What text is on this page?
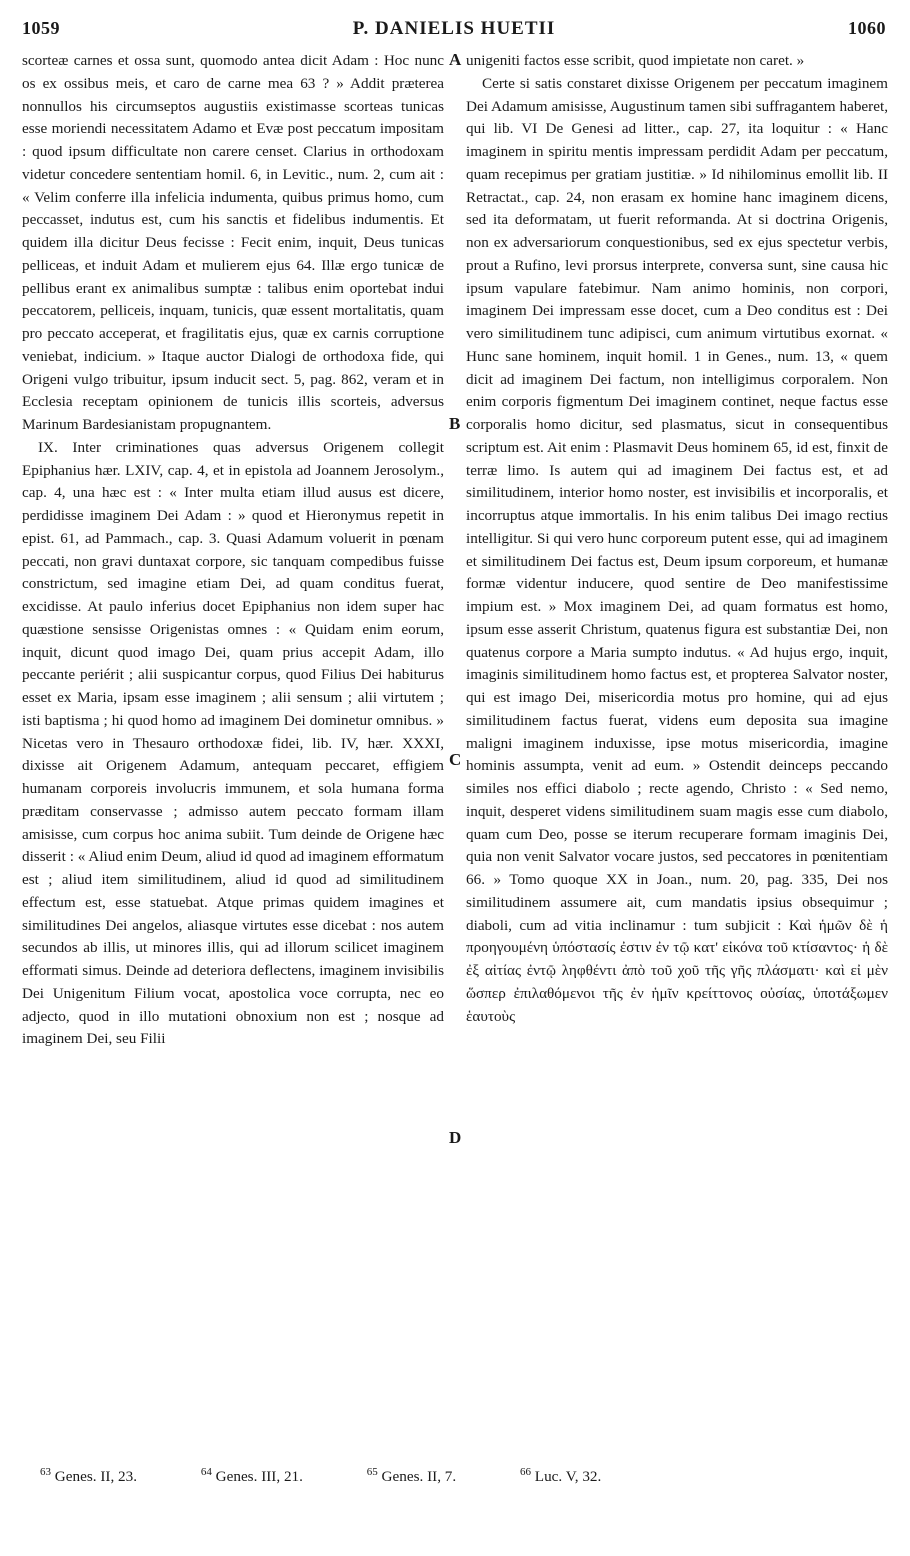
1059	P. DANIELIS HUETII	1060

scorteæ carnes et ossa sunt, quomodo antea dicit Adam : Hoc nunc os ex ossibus meis, et caro de carne mea 63 ? » Addit præterea nonnullos his circumseptos augustiis existimasse scorteas tunicas esse moriendi necessitatem Adamo et Evæ post peccatum impositam : quod ipsum difficultate non carere censet. Clarius in orthodoxam videtur concedere sententiam homil. 6, in Levitic., num. 2, cum ait : « Velim conferre illa infelicia indumenta, quibus primus homo, cum peccasset, indutus est, cum his sanctis et fidelibus indumentis. Et quidem illa dicitur Deus fecisse : Fecit enim, inquit, Deus tunicas pelliceas, et induit Adam et mulierem ejus 64. Illæ ergo tunicæ de pellibus erant ex animalibus sumptæ : talibus enim oportebat indui peccatorem, pelliceis, inquam, tunicis, quæ essent mortalitatis, quam pro peccato acceperat, et fragilitatis ejus, quæ ex carnis corruptione veniebat, indicium. » Itaque auctor Dialogi de orthodoxa fide, qui Origeni vulgo tribuitur, ipsum inducit sect. 5, pag. 862, veram et in Ecclesia receptam opinionem de tunicis illis scorteis, adversus Marinum Bardesianistam propugnantem.

IX. Inter criminationes quas adversus Origenem collegit Epiphanius hær. LXIV, cap. 4, et in epistola ad Joannem Jerosolym., cap. 4, una hæc est : « Inter multa etiam illud ausus est dicere, perdidisse imaginem Dei Adam : » quod et Hieronymus repetit in epist. 61, ad Pammach., cap. 3. Quasi Adamum voluerit in pœnam peccati, non gravi duntaxat corpore, sic tanquam compedibus fuisse constrictum, sed imagine etiam Dei, ad quam conditus fuerat, excidisse. At paulo inferius docet Epiphanius non idem super hac quæstione sensisse Origenistas omnes : « Quidam enim eorum, inquit, dicunt quod imago Dei, quam prius accepit Adam, illo peccante periérit ; alii suspicantur corpus, quod Filius Dei habiturus esset ex Maria, ipsam esse imaginem ; alii sensum ; alii virtutem ; isti baptisma ; hi quod homo ad imaginem Dei dominetur omnibus. » Nicetas vero in Thesauro orthodoxæ fidei, lib. IV, hær. XXXI, dixisse ait Origenem Adamum, antequam peccaret, effigiem humanam corporeis involucris immunem, et sola humana forma præditam conservasse ; admisso autem peccato formam illam amisisse, cum corpus hoc anima subiit. Tum deinde de Origene hæc disserit : « Aliud enim Deum, aliud id quod ad imaginem efformatum est ; aliud item similitudinem, aliud id quod ad similitudinem effectum est, esse statuebat. Atque primas quidem imagines et similitudines Dei angelos, aliasque virtutes esse dicebat : nos autem secundos ab illis, ut minores illis, qui ad illorum scilicet imaginem efformati simus. Deinde ad deteriora deflectens, imaginem invisibilis Dei Unigenitum Filium vocat, apostolica voce corrupta, nec eo adjecto, quod in illo mutationi obnoxium non est ; nosque ad imaginem Dei, seu Filii

A
B
C
D

unigeniti factos esse scribit, quod impietate non caret. »

Certe si satis constaret dixisse Origenem per peccatum imaginem Dei Adamum amisisse, Augustinum tamen sibi suffragantem haberet, qui lib. VI De Genesi ad litter., cap. 27, ita loquitur : « Hanc imaginem in spiritu mentis impressam perdidit Adam per peccatum, quam recepimus per gratiam justitiæ. » Id nihilominus emollit lib. II Retractat., cap. 24, non erasam ex homine hanc imaginem dicens, sed ita deformatam, ut fuerit reformanda. At si doctrina Origenis, non ex adversariorum conquestionibus, sed ex ejus spectetur verbis, prout a Rufino, levi prorsus interprete, conversa sunt, sine causa hic ipsum vapulare fatebimur. Nam animo hominis, non corpori, imaginem Dei impressam esse docet, cum a Deo conditus est : Dei vero similitudinem tunc adipisci, cum animum virtutibus exornat. « Hunc sane hominem, inquit homil. 1 in Genes., num. 13, « quem dicit ad imaginem Dei factum, non intelligimus corporalem. Non enim corporis figmentum Dei imaginem continet, neque factus esse corporalis homo dicitur, sed plasmatus, sicut in consequentibus scriptum est. Ait enim : Plasmavit Deus hominem 65, id est, finxit de terræ limo. Is autem qui ad imaginem Dei factus est, et ad similitudinem, interior homo noster, est invisibilis et incorporalis, et incorruptus atque immortalis. In his enim talibus Dei imago rectius intelligitur. Si qui vero hunc corporeum putent esse, qui ad imaginem et similitudinem Dei factus est, Deum ipsum corporeum, et humanæ formæ videntur inducere, quod sentire de Deo manifestissime impium est. » Mox imaginem Dei, ad quam formatus est homo, ipsum esse asserit Christum, quatenus figura est substantiæ Dei, non quatenus corpore a Maria sumpto indutus. « Ad hujus ergo, inquit, imaginis similitudinem homo factus est, et propterea Salvator noster, qui est imago Dei, misericordia motus pro homine, qui ad ejus similitudinem factus fuerat, videns eum deposita sua imagine maligni imaginem induxisse, ipse motus misericordia, imagine hominis assumpta, venit ad eum. » Ostendit deinceps peccando similes nos effici diabolo ; recte agendo, Christo : « Sed nemo, inquit, desperet videns similitudinem suam magis esse cum diabolo, quam cum Deo, posse se iterum recuperare formam imaginis Dei, quia non venit Salvator vocare justos, sed peccatores in pœnitentiam 66. » Tomo quoque XX in Joan., num. 20, pag. 335, Dei nos similitudinem assumere ait, cum mandatis ipsius obsequimur ; diaboli, cum ad vitia inclinamur : tum subjicit : Καὶ ἡμῶν δὲ ἡ προηγουμένη ὑπόστασίς ἐστιν ἐν τῷ κατ' εἰκόνα τοῦ κτίσαντος· ἡ δὲ ἐξ αἰτίας ἐντῷ ληφθέντι ἀπὸ τοῦ χοῦ τῆς γῆς πλάσματι· καὶ εἰ μὲν ὥσπερ ἐπιλαθόμενοι τῆς ἐν ἡμῖν κρείττονος οὐσίας, ὑποτάξωμεν ἑαυτοὺς

$^{63}$ Genes. II, 23.	$^{64}$ Genes. III, 21.	$^{65}$ Genes. II, 7.	$^{66}$ Luc. V, 32.
